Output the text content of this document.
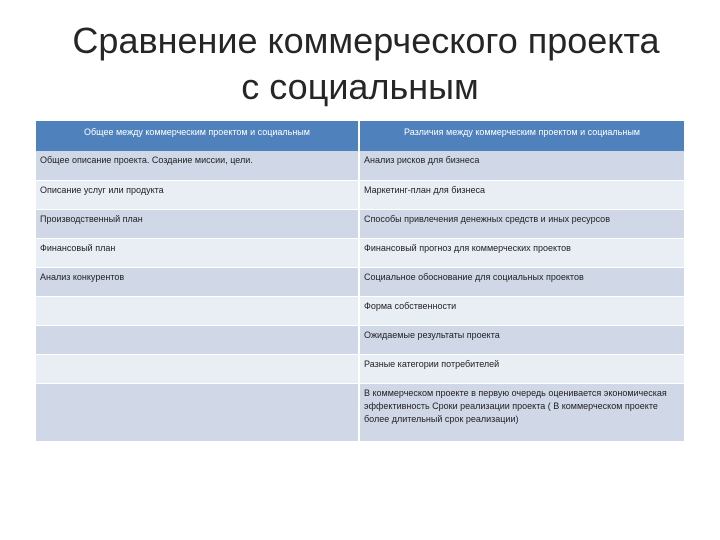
Сравнение коммерческого проекта
с социальным
Общее между коммерческим проектом и социальным	Различия между коммерческим проектом и социальным
Общее описание проекта. Создание миссии, цели.	Анализ рисков для бизнеса
Описание услуг или продукта	Маркетинг-план для бизнеса
Производственный план	Способы привлечения денежных средств и иных ресурсов
Финансовый план	Финансовый прогноз для коммерческих проектов
Анализ конкурентов	Социальное обоснование для социальных проектов
	Форма собственности
	Ожидаемые результаты проекта
	Разные категории потребителей
	В коммерческом проекте в первую очередь оценивается экономическая эффективность Сроки реализации проекта ( В коммерческом проекте более длительный срок реализации)
